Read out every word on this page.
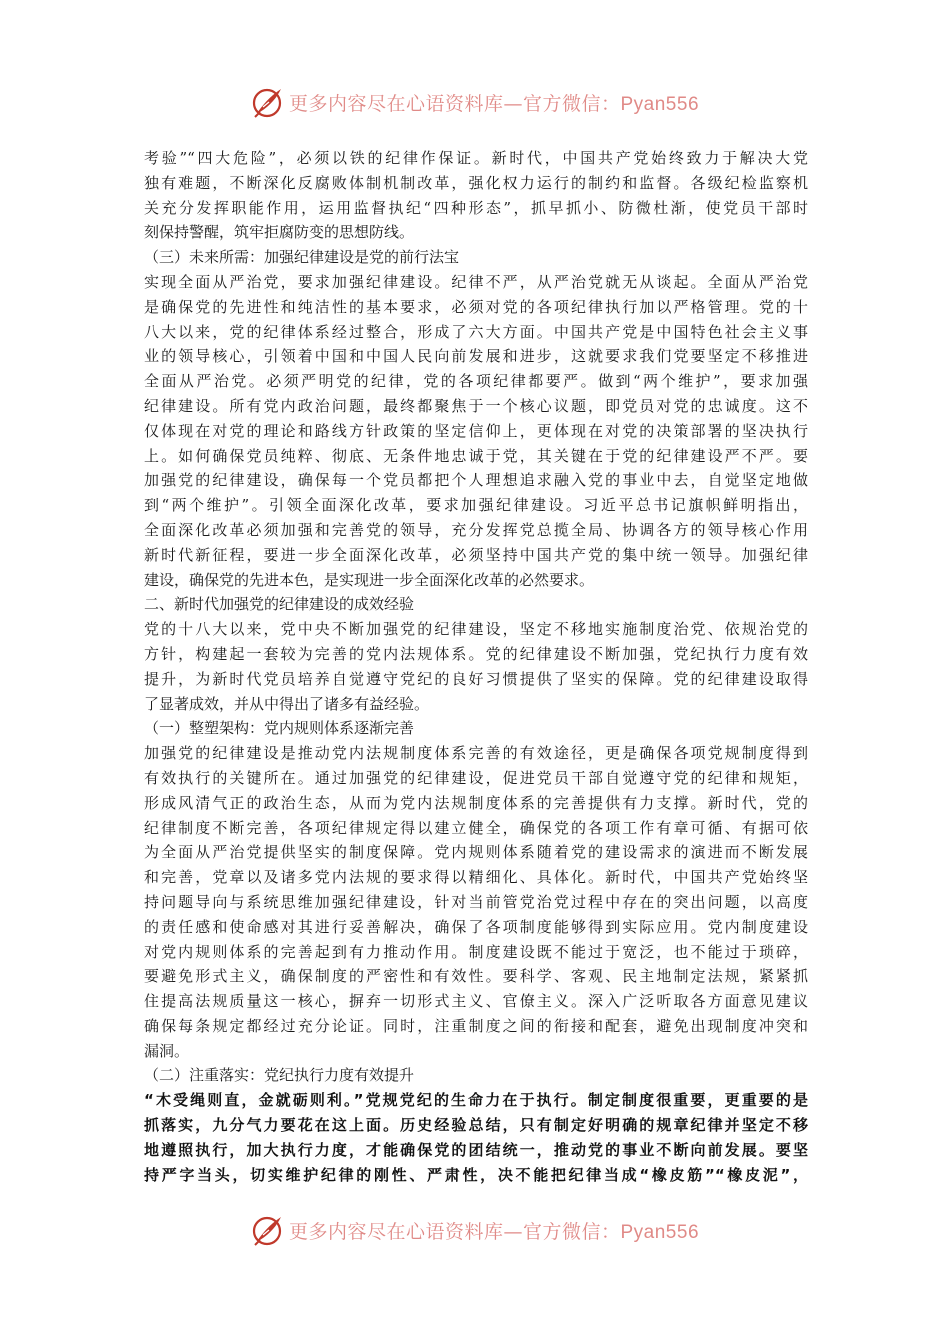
更多内容尽在心语资料库—官方微信：Pyan556
考验”“四大危险”，必须以铁的纪律作保证。新时代，中国共产党始终致力于解决大党
独有难题，不断深化反腐败体制机制改革，强化权力运行的制约和监督。各级纪检监察机
关充分发挥职能作用，运用监督执纪“四种形态”，抓早抓小、防微杜渐，使党员干部时
刻保持警醒，筑牢拒腐防变的思想防线。
（三）未来所需：加强纪律建设是党的前行法宝
实现全面从严治党，要求加强纪律建设。纪律不严，从严治党就无从谈起。全面从严治党
是确保党的先进性和纯洁性的基本要求，必须对党的各项纪律执行加以严格管理。党的十
八大以来，党的纪律体系经过整合，形成了六大方面。中国共产党是中国特色社会主义事
业的领导核心，引领着中国和中国人民向前发展和进步，这就要求我们党要坚定不移推进
全面从严治党。必须严明党的纪律，党的各项纪律都要严。做到“两个维护”，要求加强
纪律建设。所有党内政治问题，最终都聚焦于一个核心议题，即党员对党的忠诚度。这不
仅体现在对党的理论和路线方针政策的坚定信仰上，更体现在对党的决策部署的坚决执行
上。如何确保党员纯粹、彻底、无条件地忠诚于党，其关键在于党的纪律建设严不严。要
加强党的纪律建设，确保每一个党员都把个人理想追求融入党的事业中去，自觉坚定地做
到“两个维护”。引领全面深化改革，要求加强纪律建设。习近平总书记旗帜鲜明指出，
全面深化改革必须加强和完善党的领导，充分发挥党总揽全局、协调各方的领导核心作用
新时代新征程，要进一步全面深化改革，必须坚持中国共产党的集中统一领导。加强纪律
建设，确保党的先进本色，是实现进一步全面深化改革的必然要求。
二、新时代加强党的纪律建设的成效经验
党的十八大以来，党中央不断加强党的纪律建设，坚定不移地实施制度治党、依规治党的
方针，构建起一套较为完善的党内法规体系。党的纪律建设不断加强，党纪执行力度有效
提升，为新时代党员培养自觉遵守党纪的良好习惯提供了坚实的保障。党的纪律建设取得
了显著成效，并从中得出了诸多有益经验。
（一）整塑架构：党内规则体系逐渐完善
加强党的纪律建设是推动党内法规制度体系完善的有效途径，更是确保各项党规制度得到
有效执行的关键所在。通过加强党的纪律建设，促进党员干部自觉遵守党的纪律和规矩，
形成风清气正的政治生态，从而为党内法规制度体系的完善提供有力支撑。新时代，党的
纪律制度不断完善，各项纪律规定得以建立健全，确保党的各项工作有章可循、有据可依
为全面从严治党提供坚实的制度保障。党内规则体系随着党的建设需求的演进而不断发展
和完善，党章以及诸多党内法规的要求得以精细化、具体化。新时代，中国共产党始终坚
持问题导向与系统思维加强纪律建设，针对当前管党治党过程中存在的突出问题，以高度
的责任感和使命感对其进行妥善解决，确保了各项制度能够得到实际应用。党内制度建设
对党内规则体系的完善起到有力推动作用。制度建设既不能过于宽泛，也不能过于琐碎，
要避免形式主义，确保制度的严密性和有效性。要科学、客观、民主地制定法规，紧紧抓
住提高法规质量这一核心，摒弃一切形式主义、官僚主义。深入广泛听取各方面意见建议
确保每条规定都经过充分论证。同时，注重制度之间的衔接和配套，避免出现制度冲突和
漏洞。
（二）注重落实：党纪执行力度有效提升
“木受绳则直，金就砺则利。”党规党纪的生命力在于执行。制定制度很重要，更重要的是
抓落实，九分气力要花在这上面。历史经验总结，只有制定好明确的规章纪律并坚定不移
地遵照执行，加大执行力度，才能确保党的团结统一，推动党的事业不断向前发展。要坚
持严字当头，切实维护纪律的刚性、严肃性，决不能把纪律当成“橡皮筋”“橡皮泥”，
更多内容尽在心语资料库—官方微信：Pyan556
